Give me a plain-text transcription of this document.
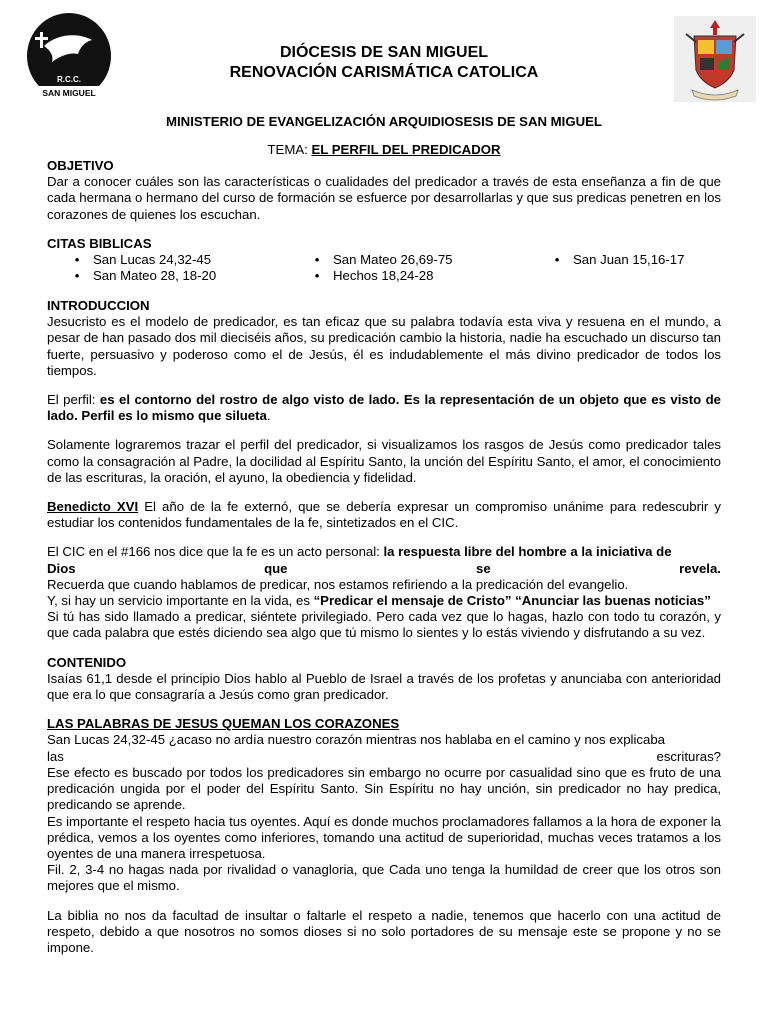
R.C.C.
SAN MIGUEL
DIÓCESIS DE SAN MIGUEL
RENOVACIÓN CARISMÁTICA CATOLICA
MINISTERIO DE EVANGELIZACIÓN ARQUIDIOSESIS DE SAN MIGUEL
TEMA: EL PERFIL DEL PREDICADOR

OBJETIVO

Dar a conocer cuáles son las características o cualidades del predicador a través de esta enseñanza a fin de que cada hermana o hermano del curso de formación se esfuerce por desarrollarlas y que sus predicas penetren en los corazones de quienes los escuchan.

CITAS BIBLICAS

•	San Lucas 24,32-45	•	San Mateo 26,69-75	•	San Juan 15,16-17
•	San Mateo 28, 18-20	•	Hechos 18,24-28

INTRODUCCION

Jesucristo es el modelo de predicador, es tan eficaz que su palabra todavía esta viva y resuena en el mundo, a pesar de han pasado dos mil dieciséis años, su predicación cambio la historia, nadie ha escuchado un discurso tan fuerte, persuasivo y poderoso como el de Jesús, él es indudablemente el más divino predicador de todos los tiempos.

El perfil: es el contorno del rostro de algo visto de lado. Es la representación de un objeto que es visto de lado. Perfil es lo mismo que silueta.

Solamente lograremos trazar el perfil del predicador, si visualizamos los rasgos de Jesús como predicador tales como la consagración al Padre, la docilidad al Espíritu Santo, la unción del Espíritu Santo, el amor, el conocimiento de las escrituras, la oración, el ayuno, la obediencia y fidelidad.

Benedicto XVI El año de la fe externó, que se debería expresar un compromiso unánime para redescubrir y estudiar los contenidos fundamentales de la fe, sintetizados en el CIC.

El CIC en el #166 nos dice que la fe es un acto personal: la respuesta libre del hombre a la iniciativa de

Dios	que	se	revela.

Recuerda que cuando hablamos de predicar, nos estamos refiriendo a la predicación del evangelio.

Y, si hay un servicio importante en la vida, es “Predicar el mensaje de Cristo” “Anunciar las buenas noticias”

Si tú has sido llamado a predicar, siéntete privilegiado. Pero cada vez que lo hagas, hazlo con todo tu corazón, y que cada palabra que estés diciendo sea algo que tú mismo lo sientes y lo estás viviendo y disfrutando a su vez.

CONTENIDO

Isaías 61,1 desde el principio Dios hablo al Pueblo de Israel a través de los profetas y anunciaba con anterioridad que era lo que consagraría a Jesús como gran predicador.

LAS PALABRAS DE JESUS QUEMAN LOS CORAZONES

San Lucas 24,32-45 ¿acaso no ardía nuestro corazón mientras nos hablaba en el camino y nos explicaba

las	escrituras?

Ese efecto es buscado por todos los predicadores sin embargo no ocurre por casualidad sino que es fruto de una predicación ungida por el poder del Espíritu Santo. Sin Espíritu no hay unción, sin predicador no hay predica, predicando se aprende.

Es importante el respeto hacia tus oyentes. Aquí es donde muchos proclamadores fallamos a la hora de exponer la prédica, vemos a los oyentes como inferiores, tomando una actitud de superioridad, muchas veces tratamos a los oyentes de una manera irrespetuosa.

Fil. 2, 3-4 no hagas nada por rivalidad o vanagloria, que Cada uno tenga la humildad de creer que los otros son mejores que el mismo.

La biblia no nos da facultad de insultar o faltarle el respeto a nadie, tenemos que hacerlo con una actitud de respeto, debido a que nosotros no somos dioses si no solo portadores de su mensaje este se propone y no se impone.
